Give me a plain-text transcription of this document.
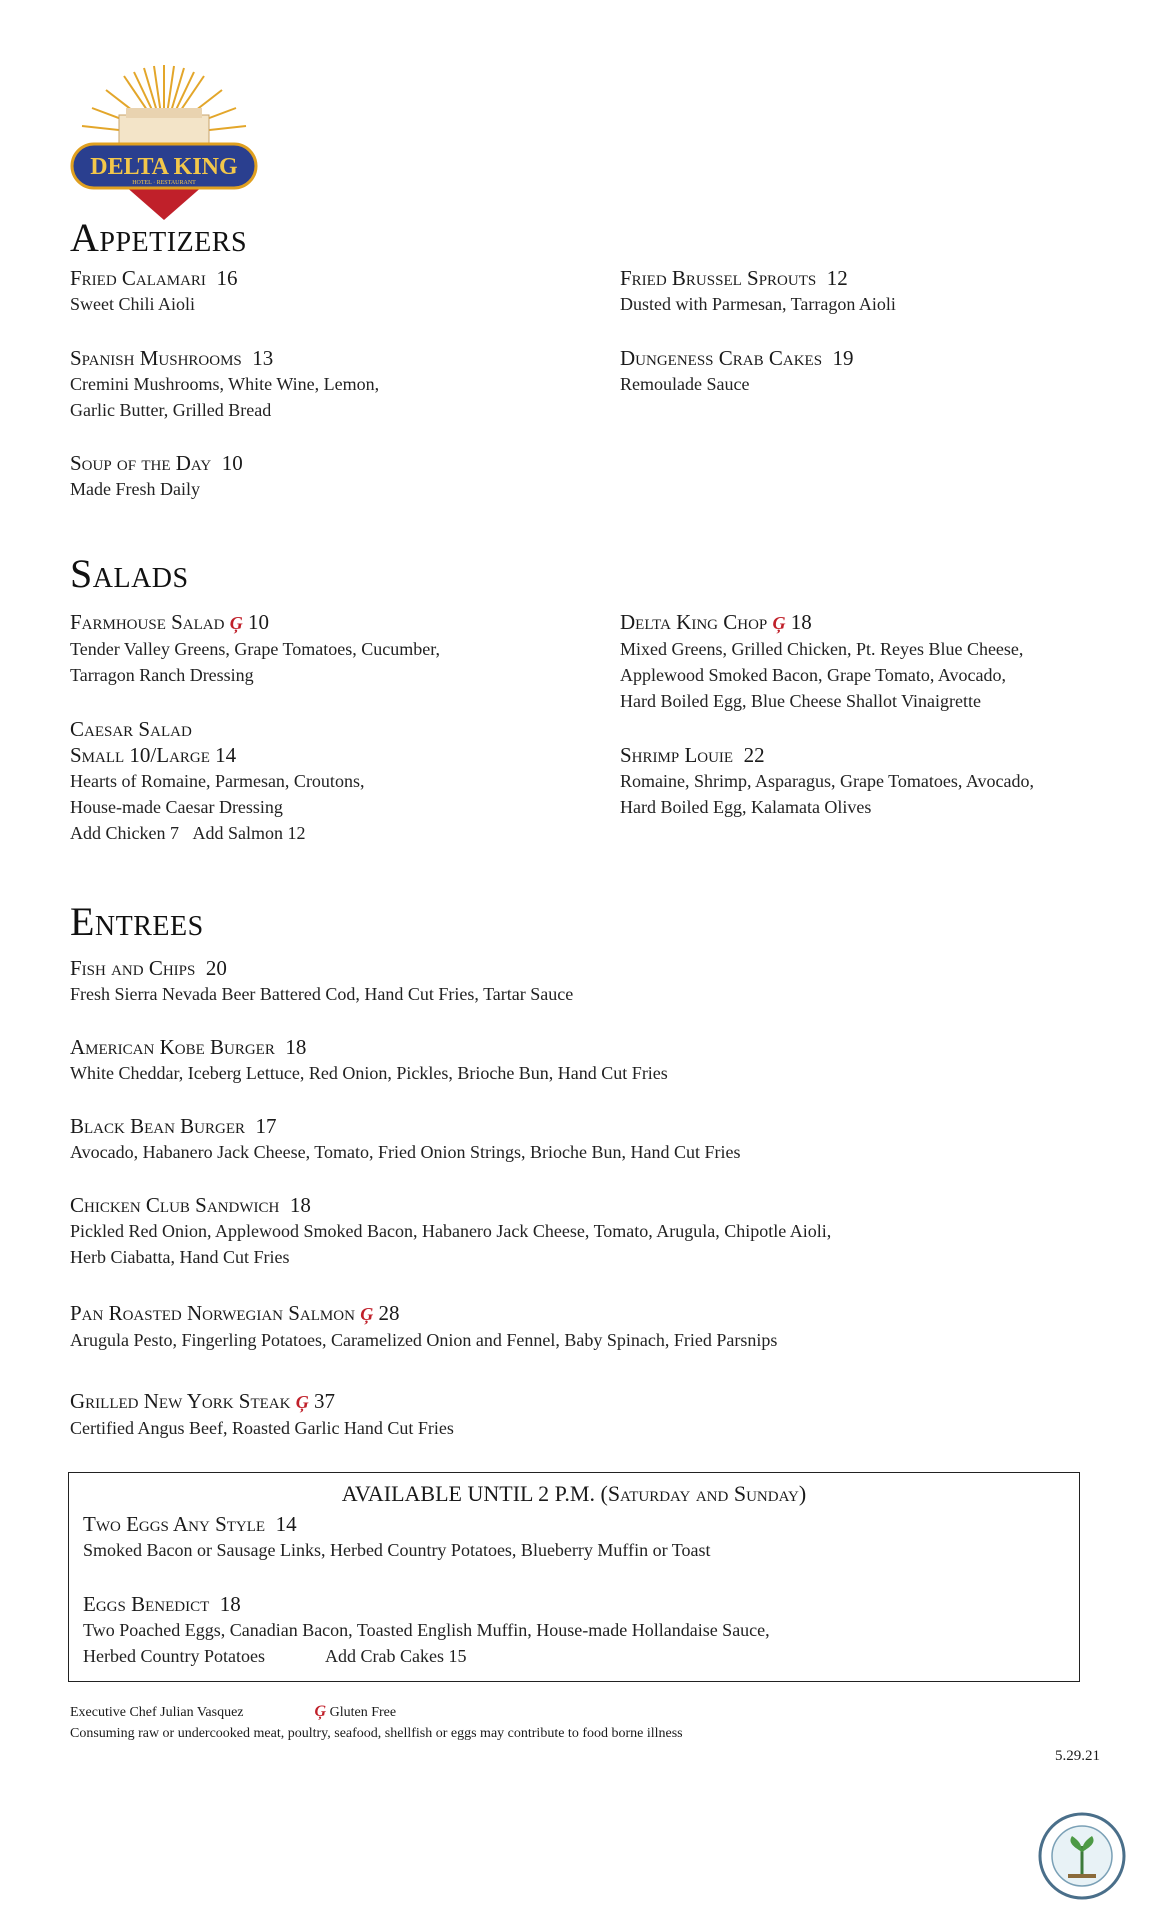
DELTA KING
HOTEL · RESTAURANT
Appetizers
Fried Calamari 16
Sweet Chili Aioli
Fried Brussel Sprouts 12
Dusted with Parmesan, Tarragon Aioli
Spanish Mushrooms 13
Cremini Mushrooms, White Wine, Lemon,
Garlic Butter, Grilled Bread
Dungeness Crab Cakes 19
Remoulade Sauce
Soup of the Day 10
Made Fresh Daily
Salads
Farmhouse Salad Ģ 10
Tender Valley Greens, Grape Tomatoes, Cucumber,
Tarragon Ranch Dressing
Delta King Chop Ģ 18
Mixed Greens, Grilled Chicken, Pt. Reyes Blue Cheese,
Applewood Smoked Bacon, Grape Tomato, Avocado,
Hard Boiled Egg, Blue Cheese Shallot Vinaigrette
Caesar Salad
Small 10/Large 14
Hearts of Romaine, Parmesan, Croutons,
House-made Caesar Dressing
Add Chicken 7 Add Salmon 12
Shrimp Louie 22
Romaine, Shrimp, Asparagus, Grape Tomatoes, Avocado,
Hard Boiled Egg, Kalamata Olives
Entrees
Fish and Chips 20
Fresh Sierra Nevada Beer Battered Cod, Hand Cut Fries, Tartar Sauce
American Kobe Burger 18
White Cheddar, Iceberg Lettuce, Red Onion, Pickles, Brioche Bun, Hand Cut Fries
Black Bean Burger 17
Avocado, Habanero Jack Cheese, Tomato, Fried Onion Strings, Brioche Bun, Hand Cut Fries
Chicken Club Sandwich 18
Pickled Red Onion, Applewood Smoked Bacon, Habanero Jack Cheese, Tomato, Arugula, Chipotle Aioli,
Herb Ciabatta, Hand Cut Fries
Pan Roasted Norwegian Salmon Ģ 28
Arugula Pesto, Fingerling Potatoes, Caramelized Onion and Fennel, Baby Spinach, Fried Parsnips
Grilled New York Steak Ģ 37
Certified Angus Beef, Roasted Garlic Hand Cut Fries
AVAILABLE UNTIL 2 P.M. (Saturday and Sunday)
Two Eggs Any Style 14
Smoked Bacon or Sausage Links, Herbed Country Potatoes, Blueberry Muffin or Toast
Eggs Benedict 18
Two Poached Eggs, Canadian Bacon, Toasted English Muffin, House-made Hollandaise Sauce,
Herbed Country Potatoes	Add Crab Cakes 15
Executive Chef Julian Vasquez	Ģ Gluten Free
Consuming raw or undercooked meat, poultry, seafood, shellfish or eggs may contribute to food borne illness
5.29.21
